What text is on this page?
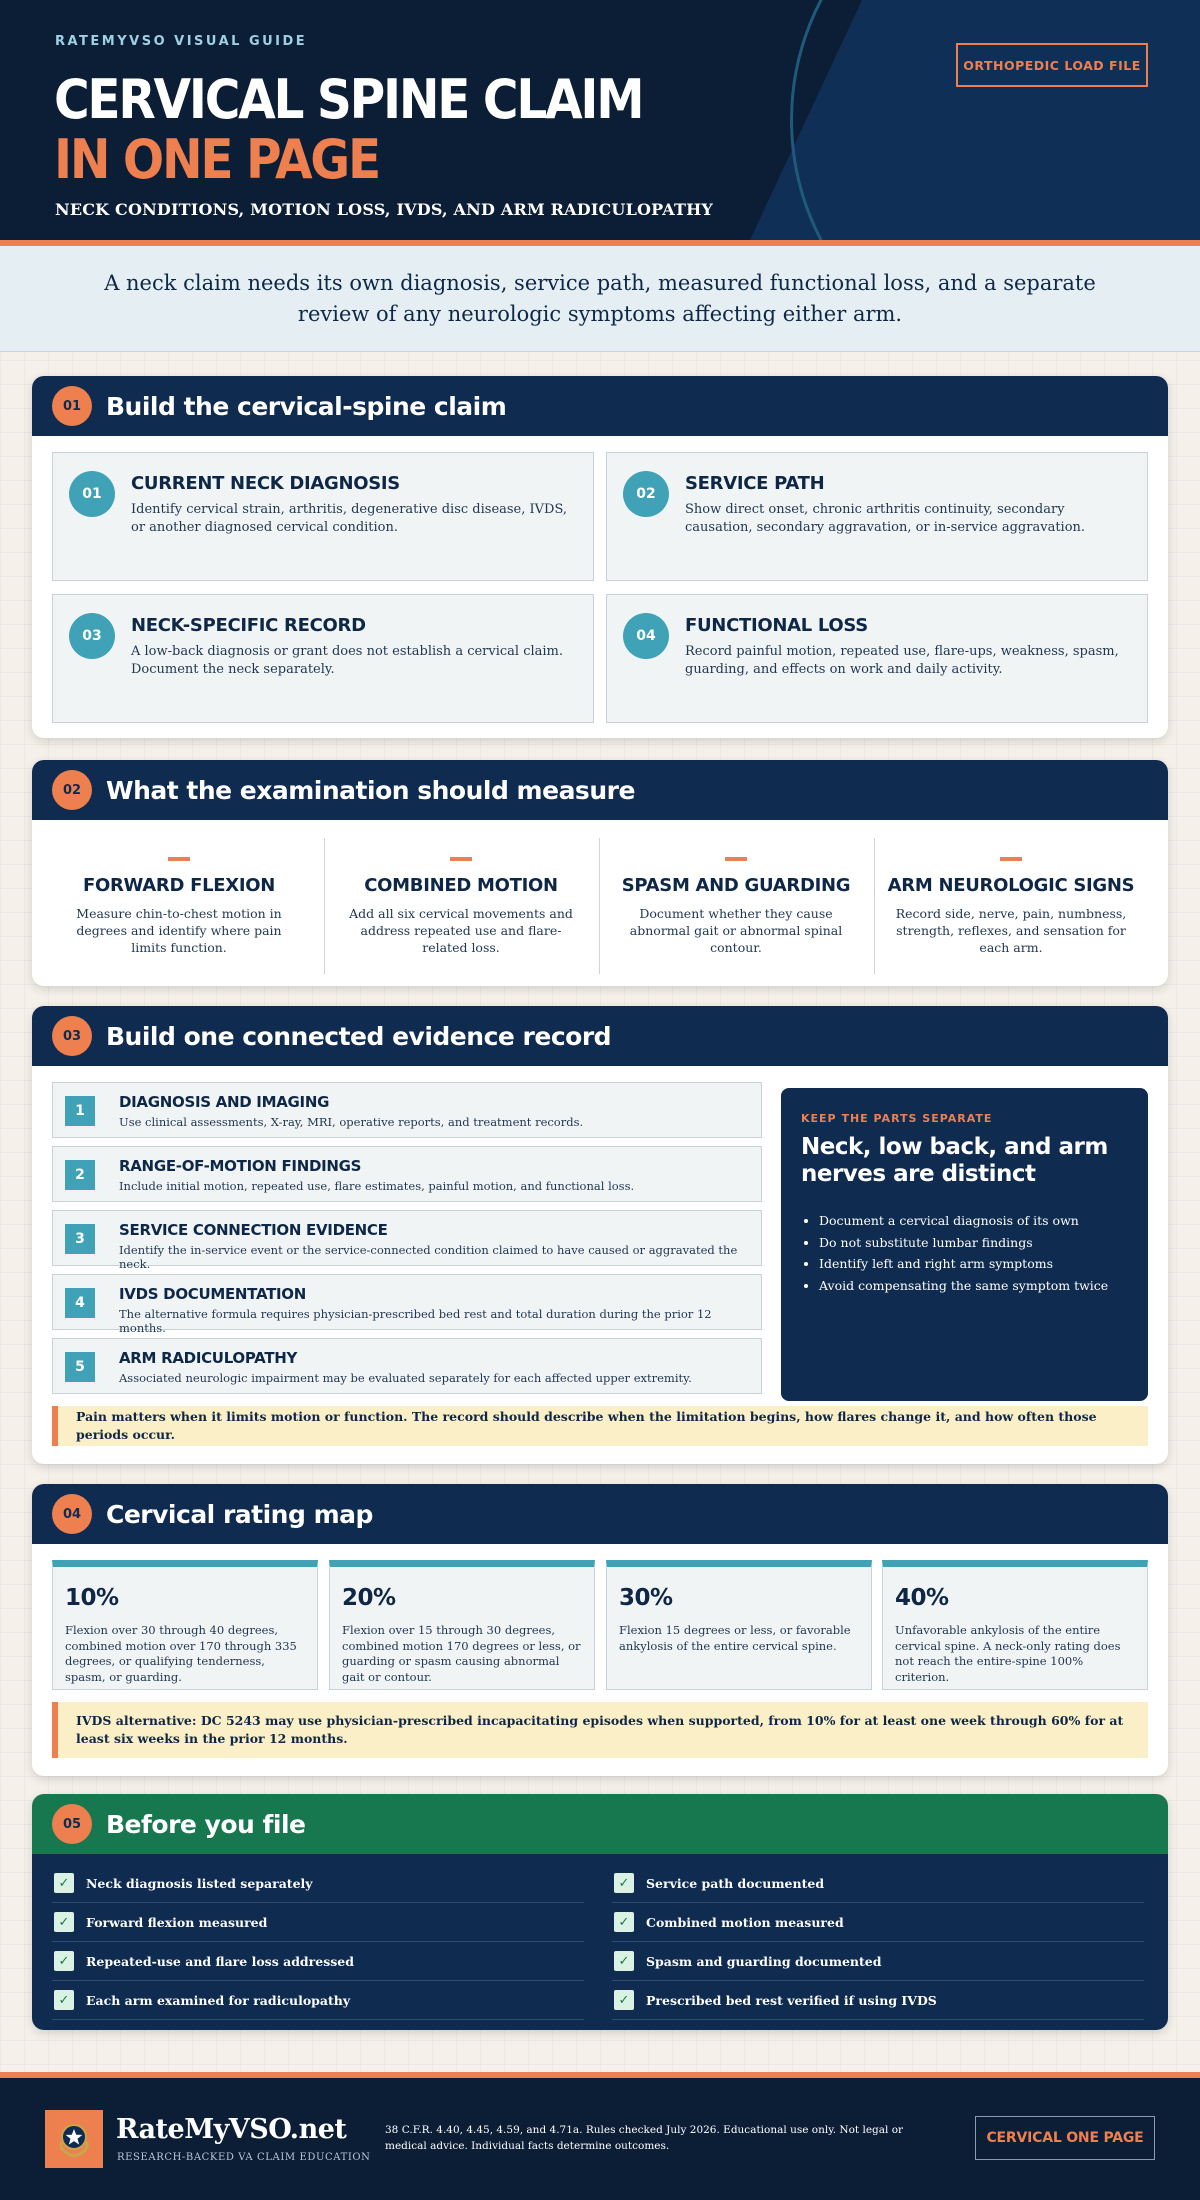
RATEMYVSO VISUAL GUIDE
CERVICAL SPINE CLAIM
IN ONE PAGE
NECK CONDITIONS, MOTION LOSS, IVDS, AND ARM RADICULOPATHY
ORTHOPEDIC LOAD FILE

A neck claim needs its own diagnosis, service path, measured functional loss, and a separate review of any neurologic symptoms affecting either arm.

01 Build the cervical-spine claim
01	CURRENT NECK DIAGNOSIS
Identify cervical strain, arthritis, degenerative disc disease, IVDS, or another diagnosed cervical condition.
02	SERVICE PATH
Show direct onset, chronic arthritis continuity, secondary causation, secondary aggravation, or in-service aggravation.
03	NECK-SPECIFIC RECORD
A low-back diagnosis or grant does not establish a cervical claim. Document the neck separately.
04	FUNCTIONAL LOSS
Record painful motion, repeated use, flare-ups, weakness, spasm, guarding, and effects on work and daily activity.
02 What the examination should measure
FORWARD FLEXION
Measure chin-to-chest motion in degrees and identify where pain limits function.
COMBINED MOTION
Add all six cervical movements and address repeated use and flare-related loss.
SPASM AND GUARDING
Document whether they cause abnormal gait or abnormal spinal contour.
ARM NEUROLOGIC SIGNS
Record side, nerve, pain, numbness, strength, reflexes, and sensation for each arm.
03 Build one connected evidence record
1	DIAGNOSIS AND IMAGING
Use clinical assessments, X-ray, MRI, operative reports, and treatment records.
2	RANGE-OF-MOTION FINDINGS
Include initial motion, repeated use, flare estimates, painful motion, and functional loss.
3	SERVICE CONNECTION EVIDENCE
Identify the in-service event or the service-connected condition claimed to have caused or aggravated the neck.
4	IVDS DOCUMENTATION
The alternative formula requires physician-prescribed bed rest and total duration during the prior 12 months.
5	ARM RADICULOPATHY
Associated neurologic impairment may be evaluated separately for each affected upper extremity.
KEEP THE PARTS SEPARATE
Neck, low back, and arm nerves are distinct
• Document a cervical diagnosis of its own
• Do not substitute lumbar findings
• Identify left and right arm symptoms
• Avoid compensating the same symptom twice
Pain matters when it limits motion or function. The record should describe when the limitation begins, how flares change it, and how often those periods occur.
04 Cervical rating map
10%
Flexion over 30 through 40 degrees, combined motion over 170 through 335 degrees, or qualifying tenderness, spasm, or guarding.
20%
Flexion over 15 through 30 degrees, combined motion 170 degrees or less, or guarding or spasm causing abnormal gait or contour.
30%
Flexion 15 degrees or less, or favorable ankylosis of the entire cervical spine.
40%
Unfavorable ankylosis of the entire cervical spine. A neck-only rating does not reach the entire-spine 100% criterion.
IVDS alternative: DC 5243 may use physician-prescribed incapacitating episodes when supported, from 10% for at least one week through 60% for at least six weeks in the prior 12 months.
05 Before you file
✓	Neck diagnosis listed separately
✓	Forward flexion measured
✓	Repeated-use and flare loss addressed
✓	Each arm examined for radiculopathy
✓	Service path documented
✓	Combined motion measured
✓	Spasm and guarding documented
✓	Prescribed bed rest verified if using IVDS
RateMyVSO.net
RESEARCH-BACKED VA CLAIM EDUCATION
38 C.F.R. 4.40, 4.45, 4.59, and 4.71a. Rules checked July 2026. Educational use only. Not legal or medical advice. Individual facts determine outcomes.	CERVICAL ONE PAGE
